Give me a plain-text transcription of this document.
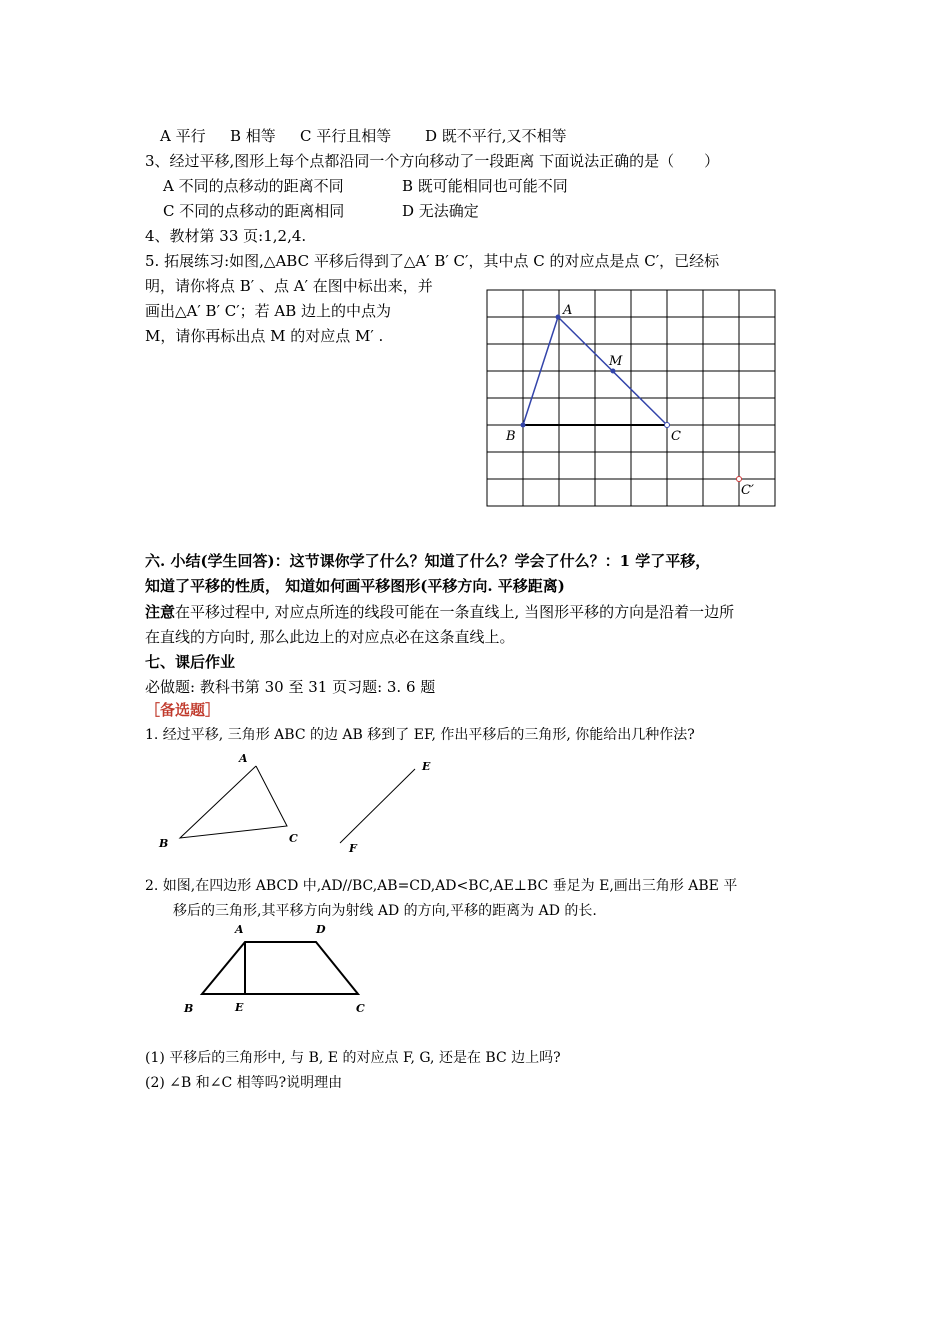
A 平行 B 相等 C 平行且相等 D 既不平行,又不相等
3、经过平移,图形上每个点都沿同一个方向移动了一段距离 下面说法正确的是（　　）
A 不同的点移动的距离不同	B 既可能相同也可能不同
C 不同的点移动的距离相同	D 无法确定
4、教材第 33 页:1,2,4.
5. 拓展练习:如图,△ABC 平移后得到了△A′ B′ C′，其中点 C 的对应点是点 C′，已经标
明，请你将点 B′ 、点 A′ 在图中标出来，并
画出△A′ B′ C′；若 AB 边上的中点为
M，请你再标出点 M 的对应点 M′ .
A
M
B	C
C′
六. 小结(学生回答)：这节课你学了什么？知道了什么？学会了什么？：1 学了平移，
知道了平移的性质， 知道如何画平移图形(平移方向. 平移距离)
注意在平移过程中, 对应点所连的线段可能在一条直线上, 当图形平移的方向是沿着一边所
在直线的方向时, 那么此边上的对应点必在这条直线上。
七、课后作业
必做题: 教科书第 30 至 31 页习题: 3. 6 题
［备选题］
1. 经过平移, 三角形 ABC 的边 AB 移到了 EF, 作出平移后的三角形, 你能给出几种作法?
A
B	C
E
F
2. 如图,在四边形 ABCD 中,AD//BC,AB=CD,AD<BC,AE⊥BC 垂足为 E,画出三角形 ABE 平
移后的三角形,其平移方向为射线 AD 的方向,平移的距离为 AD 的长.
A	D
B	E	C
(1) 平移后的三角形中, 与 B, E 的对应点 F, G, 还是在 BC 边上吗?
(2) ∠B 和∠C 相等吗?说明理由
